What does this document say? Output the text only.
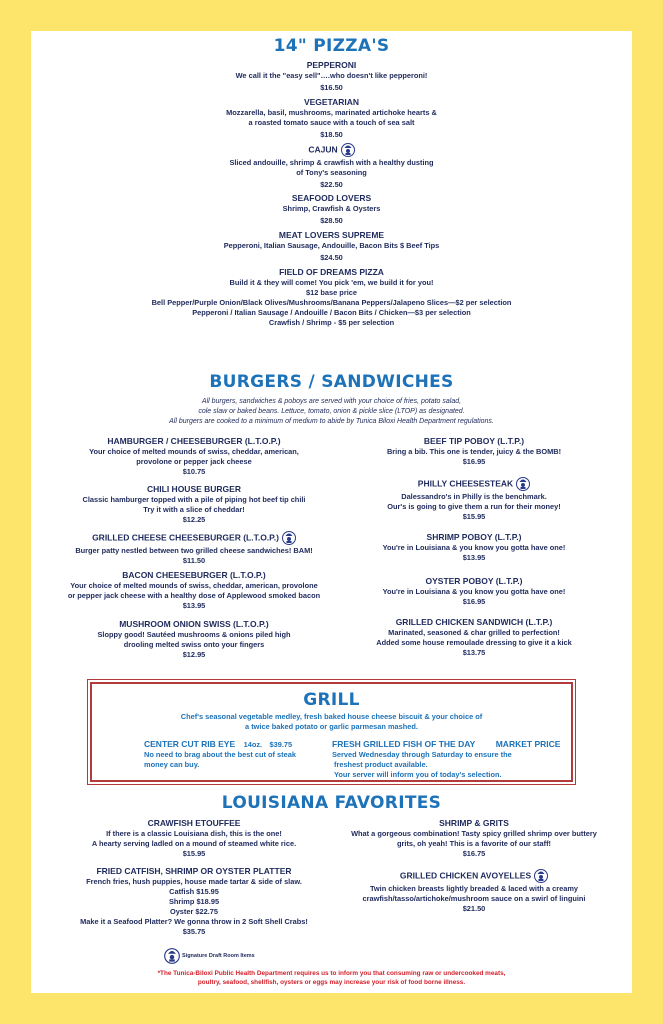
14" PIZZA'S
PEPPERONI
We call it the "easy sell"….who doesn't like pepperoni!
$16.50
VEGETARIAN
Mozzarella, basil, mushrooms, marinated artichoke hearts &
a roasted tomato sauce with a touch of sea salt
$18.50
CAJUN
Sliced andouille, shrimp & crawfish with a healthy dusting
of Tony's seasoning
$22.50
SEAFOOD LOVERS
Shrimp, Crawfish & Oysters
$28.50
MEAT LOVERS SUPREME
Pepperoni, Italian Sausage, Andouille, Bacon Bits $ Beef Tips
$24.50
FIELD OF DREAMS PIZZA
Build it & they will come! You pick 'em, we build it for you!
$12 base price
Bell Pepper/Purple Onion/Black Olives/Mushrooms/Banana Peppers/Jalapeno Slices—$2 per selection
Pepperoni / Italian Sausage / Andouille / Bacon Bits / Chicken—$3 per selection
Crawfish / Shrimp - $5 per selection
BURGERS / SANDWICHES
All burgers, sandwiches & poboys are served with your choice of fries, potato salad,
cole slaw or baked beans. Lettuce, tomato, onion & pickle slice (LTOP) as designated.
All burgers are cooked to a minimum of medium to abide by Tunica Biloxi Health Department regulations.
HAMBURGER / CHEESEBURGER (L.T.O.P.)
Your choice of melted mounds of swiss, cheddar, american,
provolone or pepper jack cheese
$10.75
CHILI HOUSE BURGER
Classic hamburger topped with a pile of piping hot beef tip chili
Try it with a slice of cheddar!
$12.25
GRILLED CHEESE CHEESEBURGER (L.T.O.P.)
Burger patty nestled between two grilled cheese sandwiches! BAM!
$11.50
BACON CHEESEBURGER (L.T.O.P.)
Your choice of melted mounds of swiss, cheddar, american, provolone
or pepper jack cheese with a healthy dose of Applewood smoked bacon
$13.95
MUSHROOM ONION SWISS (L.T.O.P.)
Sloppy good! Sautéed mushrooms & onions piled high
drooling melted swiss onto your fingers
$12.95
BEEF TIP POBOY (L.T.P.)
Bring a bib. This one is tender, juicy & the BOMB!
$16.95
PHILLY CHEESESTEAK
Dalessandro's in Philly is the benchmark.
Our's is going to give them a run for their money!
$15.95
SHRIMP POBOY (L.T.P.)
You're in Louisiana & you know you gotta have one!
$13.95
OYSTER POBOY (L.T.P.)
You're in Louisiana & you know you gotta have one!
$16.95
GRILLED CHICKEN SANDWICH (L.T.P.)
Marinated, seasoned & char grilled to perfection!
Added some house remoulade dressing to give it a kick
$13.75
GRILL
Chef's seasonal vegetable medley, fresh baked house cheese biscuit & your choice of
a twice baked potato or garlic parmesan mashed.
CENTER CUT RIB EYE 14oz. $39.75
No need to brag about the best cut of steak
money can buy.
FRESH GRILLED FISH OF THE DAY MARKET PRICE
Served Wednesday through Saturday to ensure the
freshest product available.
Your server will inform you of today's selection.
LOUISIANA FAVORITES
CRAWFISH ETOUFFEE
If there is a classic Louisiana dish, this is the one!
A hearty serving ladled on a mound of steamed white rice.
$15.95
FRIED CATFISH, SHRIMP OR OYSTER PLATTER
French fries, hush puppies, house made tartar & side of slaw.
Catfish $15.95
Shrimp $18.95
Oyster $22.75
Make it a Seafood Platter? We gonna throw in 2 Soft Shell Crabs!
$35.75
SHRIMP & GRITS
What a gorgeous combination! Tasty spicy grilled shrimp over buttery
grits, oh yeah! This is a favorite of our staff!
$16.75
GRILLED CHICKEN AVOYELLES
Twin chicken breasts lightly breaded & laced with a creamy
crawfish/tasso/artichoke/mushroom sauce on a swirl of linguini
$21.50
Signature Draft Room Items
*The Tunica-Biloxi Public Health Department requires us to inform you that consuming raw or undercooked meats,
poultry, seafood, shellfish, oysters or eggs may increase your risk of food borne illness.
